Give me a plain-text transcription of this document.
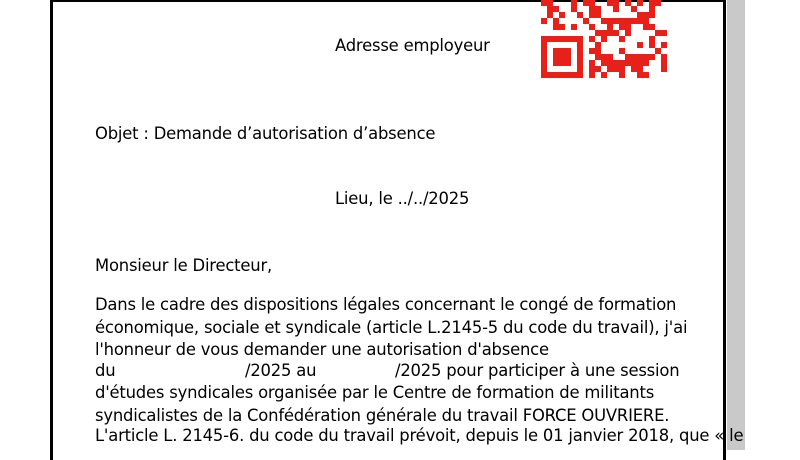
Adresse employeur
Objet : Demande d’autorisation d’absence
Lieu, le ../../2025
Monsieur le Directeur,
Dans le cadre des dispositions légales concernant le congé de formation
économique, sociale et syndicale (article L.2145-5 du code du travail), j'ai
l'honneur de vous demander une autorisation d'absence
du	/2025 au	/2025 pour participer à une session
d'études syndicales organisée par le Centre de formation de militants
syndicalistes de la Confédération générale du travail FORCE OUVRIERE.
L'article L. 2145-6. du code du travail prévoit, depuis le 01 janvier 2018, que « le
